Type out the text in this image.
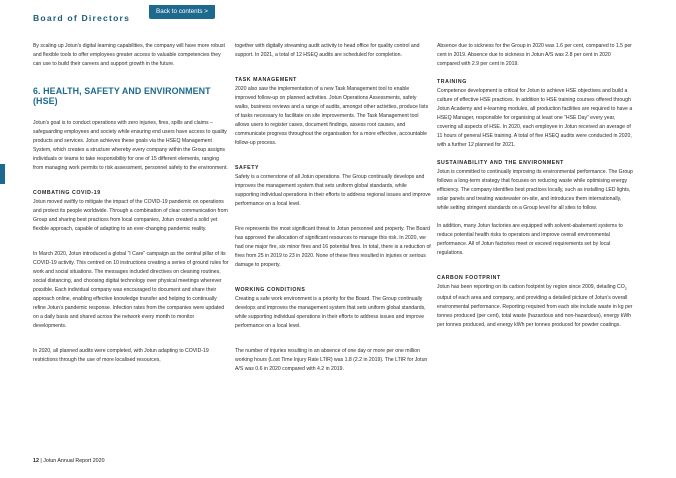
Board of Directors
Back to contents >

By scaling up Jotun’s digital learning capabilities, the company will have more robust and flexible tools to offer employees greater access to valuable competencies they can use to build their careers and support growth in the future.

6. HEALTH, SAFETY AND ENVIRONMENT (HSE)

Jotun’s goal is to conduct operations with zero injuries, fires, spills and claims – safeguarding employees and society while ensuring end users have access to quality products and services. Jotun achieves these goals via the HSEQ Management System, which creates a structure whereby every company within the Group assigns individuals or teams to take responsibility for one of 15 different elements, ranging from managing work permits to risk assessment, personnel safety to the environment.

COMBATING COVID-19

Jotun moved swiftly to mitigate the impact of the COVID-19 pandemic on operations and protect its people worldwide. Through a combination of clear communication from Group and sharing best practices from local companies, Jotun created a solid yet flexible approach, capable of adapting to an ever-changing pandemic reality.

In March 2020, Jotun introduced a global “I Care” campaign as the central pillar of its COVID-19 activity. This centred on 10 instructions creating a series of ground rules for work and social situations. The messages included directives on cleaning routines, social distancing, and choosing digital technology over physical meetings wherever possible. Each individual company was encouraged to document and share their approach online, enabling effective knowledge transfer and helping to continually refine Jotun’s pandemic response. Infection rates from the companies were updated on a daily basis and shared across the network every month to monitor developments.

In 2020, all planned audits were completed, with Jotun adapting to COVID-19 restrictions through the use of more localised resources,

together with digitally streaming audit activity to head office for quality control and support. In 2021, a total of 12 HSEQ audits are scheduled for completion.

TASK MANAGEMENT

2020 also saw the implementation of a new Task Management tool to enable improved follow-up on planned activities. Jotun Operations Assessments, safety walks, business reviews and a range of audits, amongst other activities, produce lists of tasks necessary to facilitate on site improvements. The Task Management tool allows users to register cases, document findings, assess root causes, and communicate progress throughout the organisation for a more effective, accountable follow-up process.

SAFETY

Safety is a cornerstone of all Jotun operations. The Group continually develops and improves the management system that sets uniform global standards, while supporting individual operations in their efforts to address regional issues and improve performance on a local level.

Fire represents the most significant threat to Jotun personnel and property. The Board has approved the allocation of significant resources to manage this risk. In 2020, we had one major fire, six minor fires and 16 potential fires. In total, there is a reduction of fires from 25 in 2019 to 23 in 2020. None of these fires resulted in injuries or serious damage to property.

WORKING CONDITIONS

Creating a safe work environment is a priority for the Board. The Group continually develops and improves the management system that sets uniform global standards, while supporting individual operations in their efforts to address issues and improve performance on a local level.

The number of injuries resulting in an absence of one day or more per one million working hours (Lost Time Injury Rate LTIR) was 1.8 (2.2 in 2019). The LTIR for Jotun A/S was 0.6 in 2020 compared with 4.2 in 2019.

Absence due to sickness for the Group in 2020 was 1.6 per cent, compared to 1.5 per cent in 2019. Absence due to sickness in Jotun A/S was 2.8 per cent in 2020 compared with 2.9 per cent in 2019.

TRAINING

Competence development is critical for Jotun to achieve HSE objectives and build a culture of effective HSE practices. In addition to HSE training courses offered through Jotun Academy and e-learning modules, all production facilities are required to have a HSEQ Manager, responsible for organising at least one “HSE Day” every year, covering all aspects of HSE. In 2020, each employee in Jotun received an average of 11 hours of general HSE training. A total of five HSEQ audits were conducted in 2020, with a further 12 planned for 2021.

SUSTAINABILITY AND THE ENVIRONMENT

Jotun is committed to continually improving its environmental performance. The Group follows a long-term strategy that focuses on reducing waste while optimising energy efficiency. The company identifies best practices locally, such as installing LED lights, solar panels and treating wastewater on-site, and introduces them internationally, while setting stringent standards on a Group level for all sites to follow.

In addition, many Jotun factories are equipped with solvent-abatement systems to reduce potential health risks to operators and improve overall environmental performance. All of Jotun factories meet or exceed requirements set by local regulations.

CARBON FOOTPRINT

Jotun has been reporting on its carbon footprint by region since 2009, detailing $CO_2$ output of each area and company, and providing a detailed picture of Jotun’s overall environmental performance. Reporting required from each site include waste in kg per tonnes produced (per cent), total waste (hazardous and non-hazardous), energy kWh per tonnes produced, and energy kWh per tonnes produced for powder coatings.

12 | Jotun Annual Report 2020
